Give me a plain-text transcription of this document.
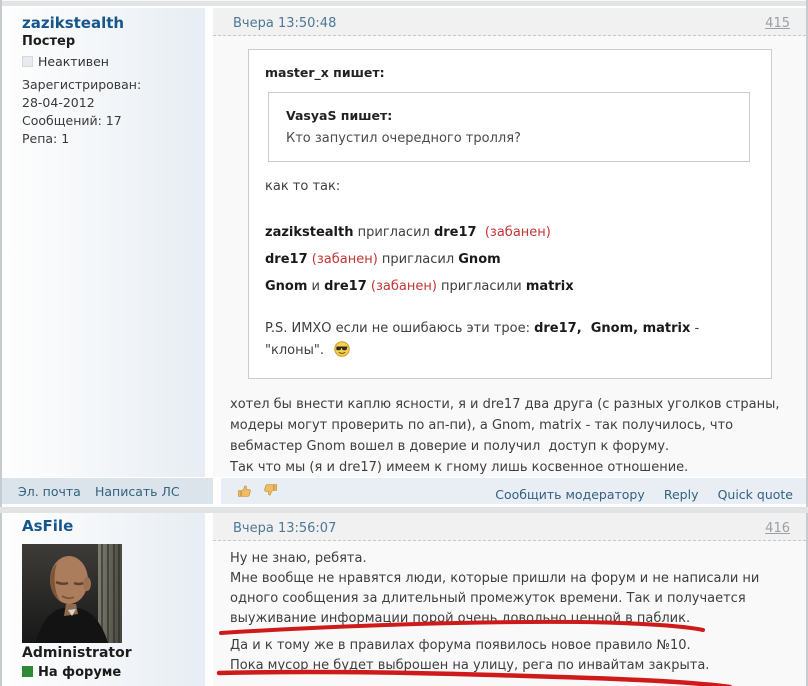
zazikstealth
Постер
Неактивен
Зарегистрирован:
28-04-2012
Сообщений: 17
Репа: 1
Вчера 13:50:48	415
master_x пишет:
VasyaS пишет:
Кто запустил очередного тролля?

как то так:

zazikstealth пригласил dre17 (забанен)

dre17 (забанен) пригласил Gnom

Gnom и dre17 (забанен) пригласили matrix

P.S. ИМХО если не ошибаюсь эти трое: dre17,  Gnom, matrix -

"клоны".

хотел бы внести каплю ясности, я и dre17 два друга (с разных уголков страны,
модеры могут проверить по ап-пи), а Gnom, matrix - так получилось, что
вебмастер Gnom вошел в доверие и получил  доступ к форуму.
Так что мы (я и dre17) имеем к гному лишь косвенное отношение.
Эл. почта Написать ЛС
	Сообщить модератору Reply Quick quote
AsFile
Administrator
На форуме
Вчера 13:56:07	416
Ну не знаю, ребята.
Мне вообще не нравятся люди, которые пришли на форум и не написали ни
одного сообщения за длительный промежуток времени. Так и получается
выуживание информации порой очень довольно ценной в паблик.
Да и к тому же в правилах форума появилось новое правило №10.
Пока мусор не будет выброшен на улицу, рега по инвайтам закрыта.
